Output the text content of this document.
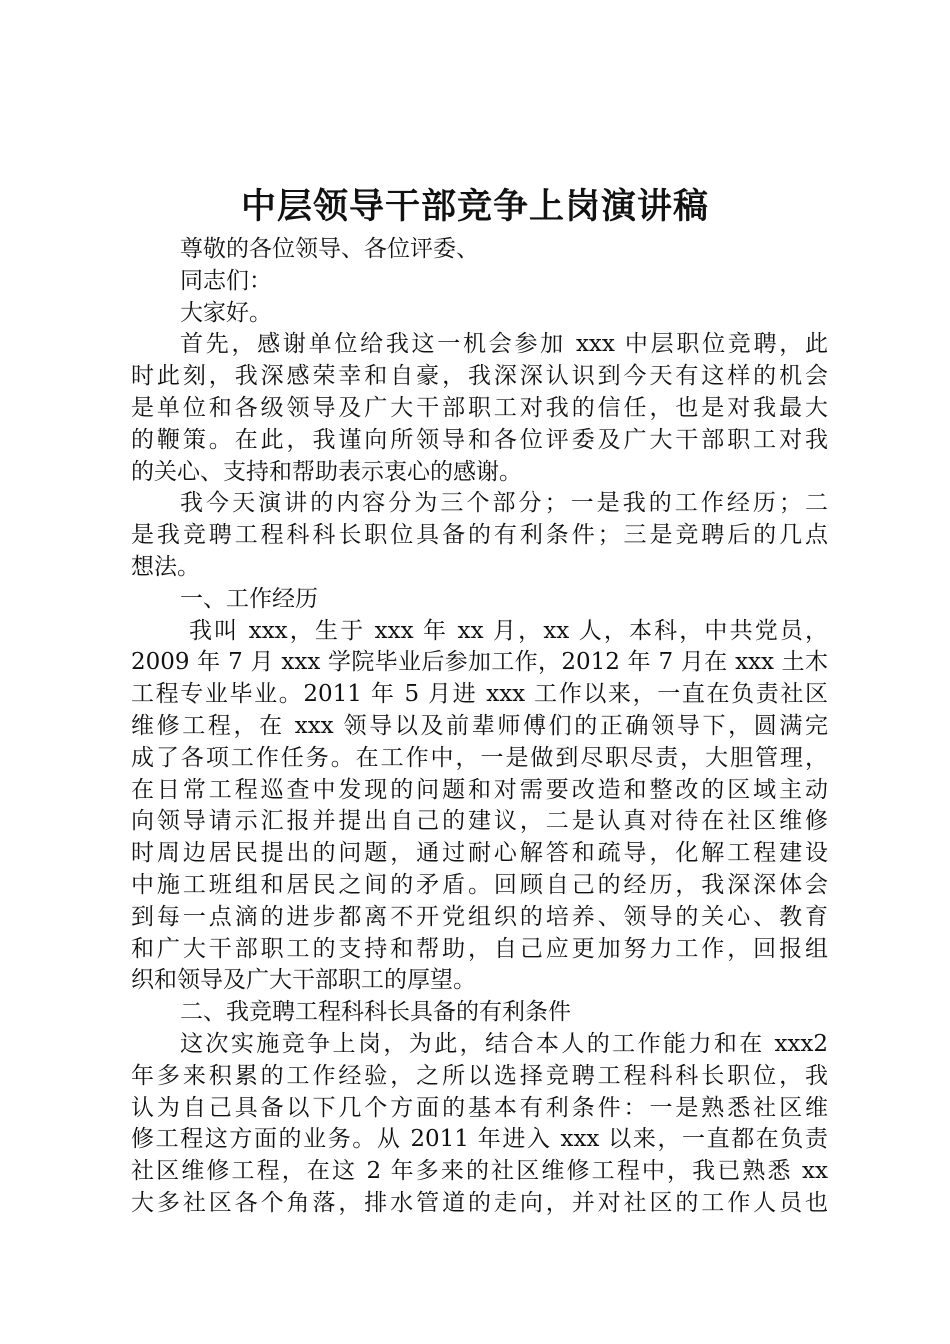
中层领导干部竞争上岗演讲稿
尊敬的各位领导、各位评委、
同志们：
大家好。
首先，感谢单位给我这一机会参加 xxx 中层职位竞聘，此
时此刻，我深感荣幸和自豪，我深深认识到今天有这样的机会
是单位和各级领导及广大干部职工对我的信任，也是对我最大
的鞭策。在此，我谨向所领导和各位评委及广大干部职工对我
的关心、支持和帮助表示衷心的感谢。
我今天演讲的内容分为三个部分；一是我的工作经历；二
是我竞聘工程科科长职位具备的有利条件；三是竞聘后的几点
想法。
一、工作经历
我叫 xxx，生于 xxx 年 xx 月，xx 人，本科，中共党员，
2009 年 7 月 xxx 学院毕业后参加工作，2012 年 7 月在 xxx 土木
工程专业毕业。2011 年 5 月进 xxx 工作以来，一直在负责社区
维修工程，在 xxx 领导以及前辈师傅们的正确领导下，圆满完
成了各项工作任务。在工作中，一是做到尽职尽责，大胆管理，
在日常工程巡查中发现的问题和对需要改造和整改的区域主动
向领导请示汇报并提出自己的建议，二是认真对待在社区维修
时周边居民提出的问题，通过耐心解答和疏导，化解工程建设
中施工班组和居民之间的矛盾。回顾自己的经历，我深深体会
到每一点滴的进步都离不开党组织的培养、领导的关心、教育
和广大干部职工的支持和帮助，自己应更加努力工作，回报组
织和领导及广大干部职工的厚望。
二、我竞聘工程科科长具备的有利条件
这次实施竞争上岗，为此，结合本人的工作能力和在 xxx2
年多来积累的工作经验，之所以选择竞聘工程科科长职位，我
认为自己具备以下几个方面的基本有利条件：一是熟悉社区维
修工程这方面的业务。从 2011 年进入 xxx 以来，一直都在负责
社区维修工程，在这 2 年多来的社区维修工程中，我已熟悉 xx
大多社区各个角落，排水管道的走向，并对社区的工作人员也
